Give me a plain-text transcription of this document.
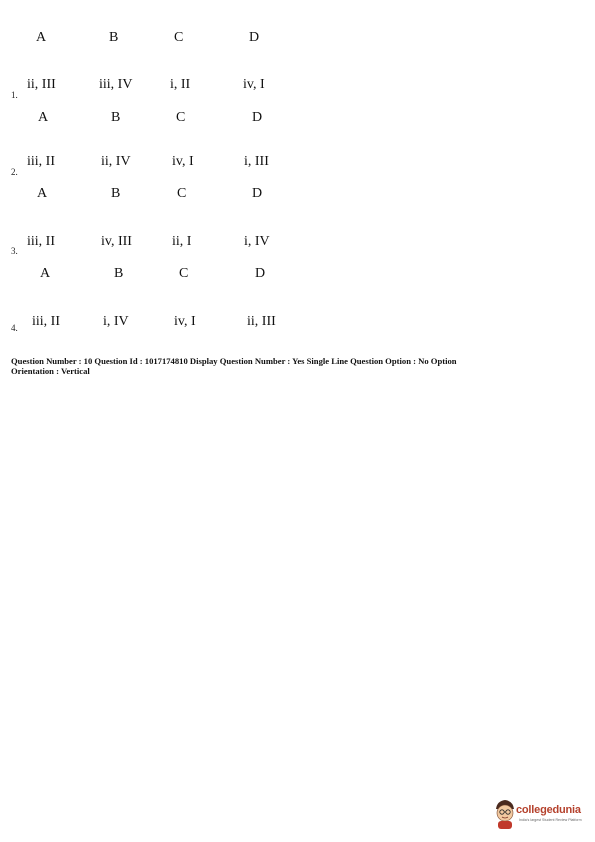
A	B	C	D
1.
ii, III	iii, IV	i, II	iv, I
A	B	C	D
2.
iii, II	ii, IV	iv, I	i, III
A	B	C	D
3.
iii, II	iv, III	ii, I	i, IV
A	B	C	D
4. iii, II	i, IV	iv, I	ii, III
Question Number : 10 Question Id : 1017174810 Display Question Number : Yes Single Line Question Option : No Option
Orientation : Vertical
collegedunia
India's largest Student Review Platform
